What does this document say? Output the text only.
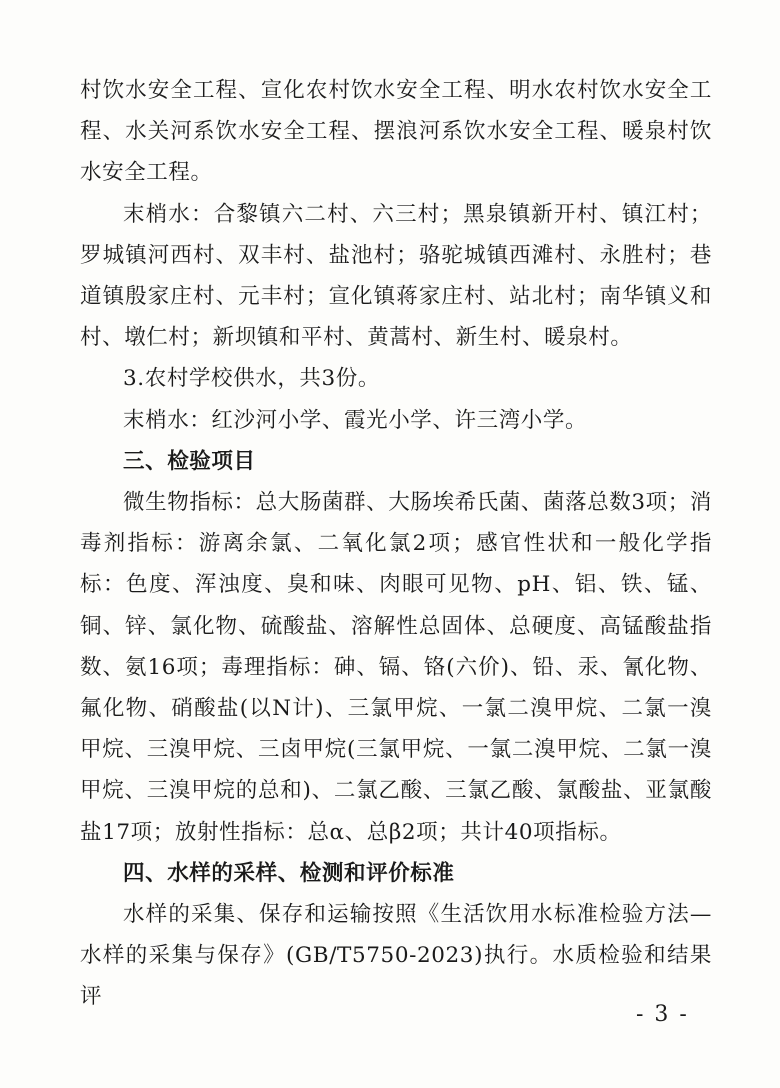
村饮水安全工程、宣化农村饮水安全工程、明水农村饮水安全工程、水关河系饮水安全工程、摆浪河系饮水安全工程、暖泉村饮水安全工程。

末梢水：合黎镇六二村、六三村；黑泉镇新开村、镇江村；罗城镇河西村、双丰村、盐池村；骆驼城镇西滩村、永胜村；巷道镇殷家庄村、元丰村；宣化镇蒋家庄村、站北村；南华镇义和村、墩仁村；新坝镇和平村、黄蒿村、新生村、暖泉村。

3.农村学校供水，共3份。

末梢水：红沙河小学、霞光小学、许三湾小学。

三、检验项目

微生物指标：总大肠菌群、大肠埃希氏菌、菌落总数3项；消毒剂指标：游离余氯、二氧化氯2项；感官性状和一般化学指标：色度、浑浊度、臭和味、肉眼可见物、pH、铝、铁、锰、铜、锌、氯化物、硫酸盐、溶解性总固体、总硬度、高锰酸盐指数、氨16项；毒理指标：砷、镉、铬(六价)、铅、汞、氰化物、氟化物、硝酸盐(以N计)、三氯甲烷、一氯二溴甲烷、二氯一溴甲烷、三溴甲烷、三卤甲烷(三氯甲烷、一氯二溴甲烷、二氯一溴甲烷、三溴甲烷的总和)、二氯乙酸、三氯乙酸、氯酸盐、亚氯酸盐17项；放射性指标：总α、总β2项；共计40项指标。

四、水样的采样、检测和评价标准

水样的采集、保存和运输按照《生活饮用水标准检验方法—水样的采集与保存》(GB/T5750-2023)执行。水质检验和结果评

- 3 -
